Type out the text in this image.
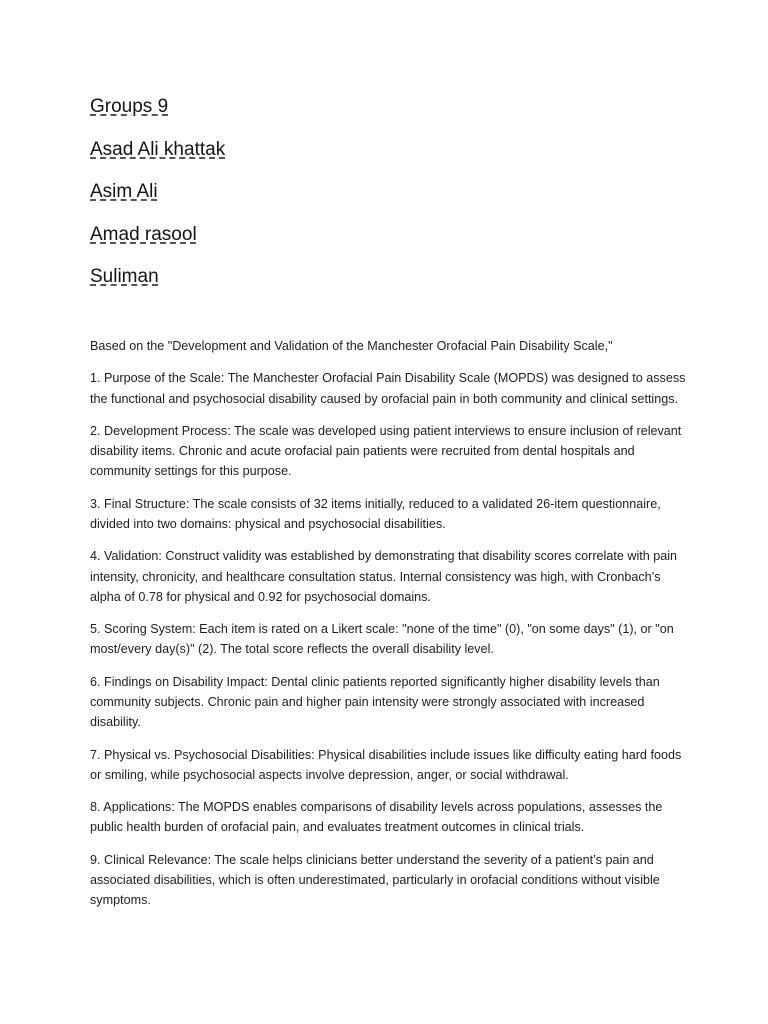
Groups 9
Asad Ali khattak
Asim Ali
Amad rasool
Suliman

Based on the "Development and Validation of the Manchester Orofacial Pain Disability Scale,"

1. Purpose of the Scale: The Manchester Orofacial Pain Disability Scale (MOPDS) was designed to assess the functional and psychosocial disability caused by orofacial pain in both community and clinical settings.

2. Development Process: The scale was developed using patient interviews to ensure inclusion of relevant disability items. Chronic and acute orofacial pain patients were recruited from dental hospitals and community settings for this purpose.

3. Final Structure: The scale consists of 32 items initially, reduced to a validated 26-item questionnaire, divided into two domains: physical and psychosocial disabilities.

4. Validation: Construct validity was established by demonstrating that disability scores correlate with pain intensity, chronicity, and healthcare consultation status. Internal consistency was high, with Cronbach’s alpha of 0.78 for physical and 0.92 for psychosocial domains.

5. Scoring System: Each item is rated on a Likert scale: "none of the time" (0), "on some days" (1), or "on most/every day(s)" (2). The total score reflects the overall disability level.

6. Findings on Disability Impact: Dental clinic patients reported significantly higher disability levels than community subjects. Chronic pain and higher pain intensity were strongly associated with increased disability.

7. Physical vs. Psychosocial Disabilities: Physical disabilities include issues like difficulty eating hard foods or smiling, while psychosocial aspects involve depression, anger, or social withdrawal.

8. Applications: The MOPDS enables comparisons of disability levels across populations, assesses the public health burden of orofacial pain, and evaluates treatment outcomes in clinical trials.

9. Clinical Relevance: The scale helps clinicians better understand the severity of a patient’s pain and associated disabilities, which is often underestimated, particularly in orofacial conditions without visible symptoms.
